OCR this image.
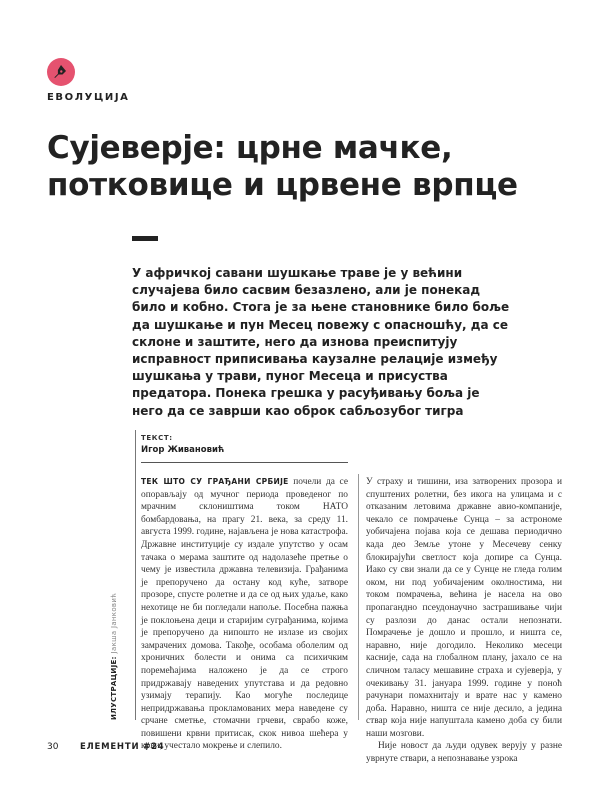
ЕВОЛУЦИЈА
Сујеверје: црне мачке, потковице и црвене врпце

У афричкој савани шушкање траве је у већини случајева било сасвим безазлено, али је понекад било и кобно. Стога је за њене становнике било боље да шушкање и пун Месец повежу с опасношћу, да се склоне и заштите, него да изнова преиспитују исправност приписивања каузалне релације између шушкања у трави, пуног Месеца и присуства предатора. Понека грешка у расуђивању боља је него да се заврши као оброк сабљозубог тигра

ТЕКСТ:
Игор Живановић
ИЛУСТРАЦИЈЕ:Јакша Јанковић

ТЕК ШТО СУ ГРАЂАНИ СРБИЈЕ почели да се опорављају од мучног периода проведеног по мрачним склоништима током НАТО бомбардовања, на прагу 21. века, за среду 11. августа 1999. године, најављена је нова катастрофа. Државне институције су издале упутство у осам тачака о мерама заштите од надолазеће претње о чему је известила државна телевизија. Грађанима је препоручено да остану код куће, затворе прозоре, спусте ролетне и да се од њих удаље, како нехотице не би погледали напоље. Посебна пажња је поклоњена деци и старијим суграђанима, којима је препоручено да нипошто не излазе из својих замрачених домова. Такође, особама оболелим од хроничних болести и онима са психичким поремећајима наложено је да се строго придржавају наведених упутстава и да редовно узимају терапију. Као могуће последице непридржавања прокламованих мера наведене су срчане сметње, стомачни грчеви, сврабо коже, повишени крвни притисак, скок нивоа шећера у крви, учестало мокрење и слепило.

У страху и тишини, иза затворених прозора и спуштених ролетни, без икога на улицама и с отказаним летовима државне авио-компаније, чекало се помрачење Сунца – за астрономе уобичајена појава која се дешава периодично када део Земље утоне у Месечеву сенку блокирајући светлост која допире са Сунца. Иако су сви знали да се у Сунце не гледа голим оком, ни под уобичајеним околностима, ни током помрачења, већина је насела на ово пропагандно псеудонаучно застрашивање чији су разлози до данас остали непознати. Помрачење је дошло и прошло, и ништа се, наравно, није догодило. Неколико месеци касније, сада на глобалном плану, јахало се на сличном таласу мешавине страха и сујеверја, у очекивању 31. јануара 1999. године у поноћ рачунари помахнитају и врате нас у камено доба. Наравно, ништа се није десило, а једина ствар која није напуштала камено доба су били наши мозгови.

Није новост да људи одувек верују у разне уврнуте ствари, а непознавање узрока

30	ЕЛЕМЕНТИ #24
